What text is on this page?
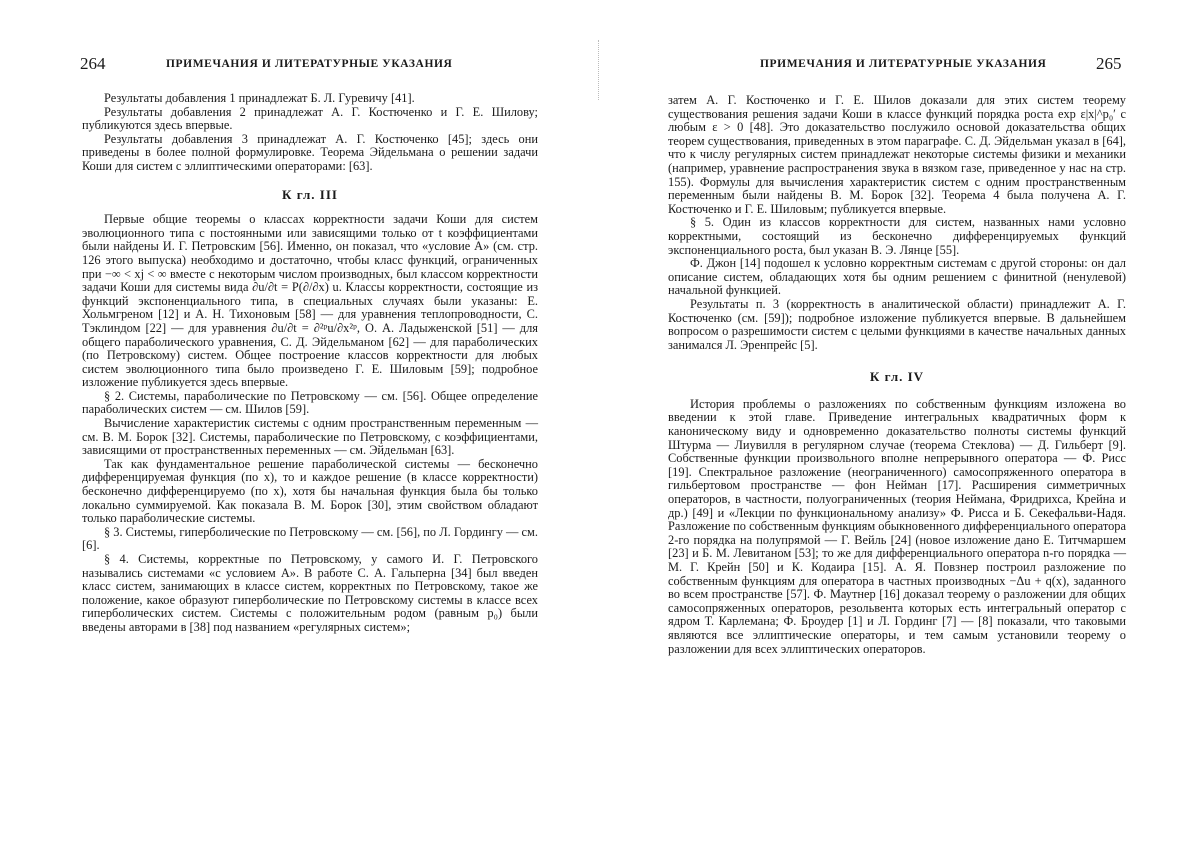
264	ПРИМЕЧАНИЯ И ЛИТЕРАТУРНЫЕ УКАЗАНИЯ

Результаты добавления 1 принадлежат Б. Л. Гуревичу [41].

Результаты добавления 2 принадлежат А. Г. Костюченко и Г. Е. Шилову; публикуются здесь впервые.

Результаты добавления 3 принадлежат А. Г. Костюченко [45]; здесь они приведены в более полной формулировке. Теорема Эйдельмана о решении задачи Коши для систем с эллиптическими операторами: [63].

К гл. III

Первые общие теоремы о классах корректности задачи Коши для систем эволюционного типа с постоянными или зависящими только от t коэффициентами были найдены И. Г. Петровским [56]. Именно, он показал, что «условие A» (см. стр. 126 этого выпуска) необходимо и достаточно, чтобы класс функций, ограниченных при −∞ < xj < ∞ вместе с некоторым числом производных, был классом корректности задачи Коши для системы вида ∂u/∂t = P(∂/∂x) u. Классы корректности, состоящие из функций экспоненциального типа, в специальных случаях были указаны: Е. Хольмгреном [12] и А. Н. Тихоновым [58] — для уравнения теплопроводности, С. Тэклиндом [22] — для уравнения ∂u/∂t = ∂²ᵖu/∂x²ᵖ, О. А. Ладыженской [51] — для общего параболического уравнения, С. Д. Эйдельманом [62] — для параболических (по Петровскому) систем. Общее построение классов корректности для любых систем эволюционного типа было произведено Г. Е. Шиловым [59]; подробное изложение публикуется здесь впервые.

§ 2. Системы, параболические по Петровскому — см. [56]. Общее определение параболических систем — см. Шилов [59].

Вычисление характеристик системы с одним пространственным переменным — см. В. М. Борок [32]. Системы, параболические по Петровскому, с коэффициентами, зависящими от пространственных переменных — см. Эйдельман [63].

Так как фундаментальное решение параболической системы — бесконечно дифференцируемая функция (по x), то и каждое решение (в классе корректности) бесконечно дифференцируемо (по x), хотя бы начальная функция была бы только локально суммируемой. Как показала В. М. Борок [30], этим свойством обладают только параболические системы.

§ 3. Системы, гиперболические по Петровскому — см. [56], по Л. Гордингу — см. [6].

§ 4. Системы, корректные по Петровскому, у самого И. Г. Петровского назывались системами «с условием A». В работе С. А. Гальперна [34] был введен класс систем, занимающих в классе систем, корректных по Петровскому, такое же положение, какое образуют гиперболические по Петровскому системы в классе всех гиперболических систем. Системы с положительным родом (равным p₀) были введены авторами в [38] под названием «регулярных систем»;

ПРИМЕЧАНИЯ И ЛИТЕРАТУРНЫЕ УКАЗАНИЯ	265

затем А. Г. Костюченко и Г. Е. Шилов доказали для этих систем теорему существования решения задачи Коши в классе функций порядка роста exp ε|x|^p₀′ с любым ε > 0 [48]. Это доказательство послужило основой доказательства общих теорем существования, приведенных в этом параграфе. С. Д. Эйдельман указал в [64], что к числу регулярных систем принадлежат некоторые системы физики и механики (например, уравнение распространения звука в вязком газе, приведенное у нас на стр. 155). Формулы для вычисления характеристик систем с одним пространственным переменным были найдены В. М. Борок [32]. Теорема 4 была получена А. Г. Костюченко и Г. Е. Шиловым; публикуется впервые.

§ 5. Один из классов корректности для систем, названных нами условно корректными, состоящий из бесконечно дифференцируемых функций экспоненциального роста, был указан В. Э. Лянце [55].

Ф. Джон [14] подошел к условно корректным системам с другой стороны: он дал описание систем, обладающих хотя бы одним решением с финитной (ненулевой) начальной функцией.

Результаты п. 3 (корректность в аналитической области) принадлежит А. Г. Костюченко (см. [59]); подробное изложение публикуется впервые. В дальнейшем вопросом о разрешимости систем с целыми функциями в качестве начальных данных занимался Л. Эренпрейс [5].

К гл. IV

История проблемы о разложениях по собственным функциям изложена во введении к этой главе. Приведение интегральных квадратичных форм к каноническому виду и одновременно доказательство полноты системы функций Штурма — Лиувилля в регулярном случае (теорема Стеклова) — Д. Гильберт [9]. Собственные функции произвольного вполне непрерывного оператора — Ф. Рисс [19]. Спектральное разложение (неограниченного) самосопряженного оператора в гильбертовом пространстве — фон Нейман [17]. Расширения симметричных операторов, в частности, полуограниченных (теория Неймана, Фридрихса, Крейна и др.) [49] и «Лекции по функциональному анализу» Ф. Рисса и Б. Секефальви-Надя. Разложение по собственным функциям обыкновенного дифференциального оператора 2-го порядка на полупрямой — Г. Вейль [24] (новое изложение дано Е. Титчмаршем [23] и Б. М. Левитаном [53]; то же для дифференциального оператора n-го порядка — М. Г. Крейн [50] и К. Кодаира [15]. А. Я. Повзнер построил разложение по собственным функциям для оператора в частных производных −Δu + q(x), заданного во всем пространстве [57]. Ф. Маутнер [16] доказал теорему о разложении для общих самосопряженных операторов, резольвента которых есть интегральный оператор с ядром Т. Карлемана; Ф. Броудер [1] и Л. Гординг [7] — [8] показали, что таковыми являются все эллиптические операторы, и тем самым установили теорему о разложении для всех эллиптических операторов.
